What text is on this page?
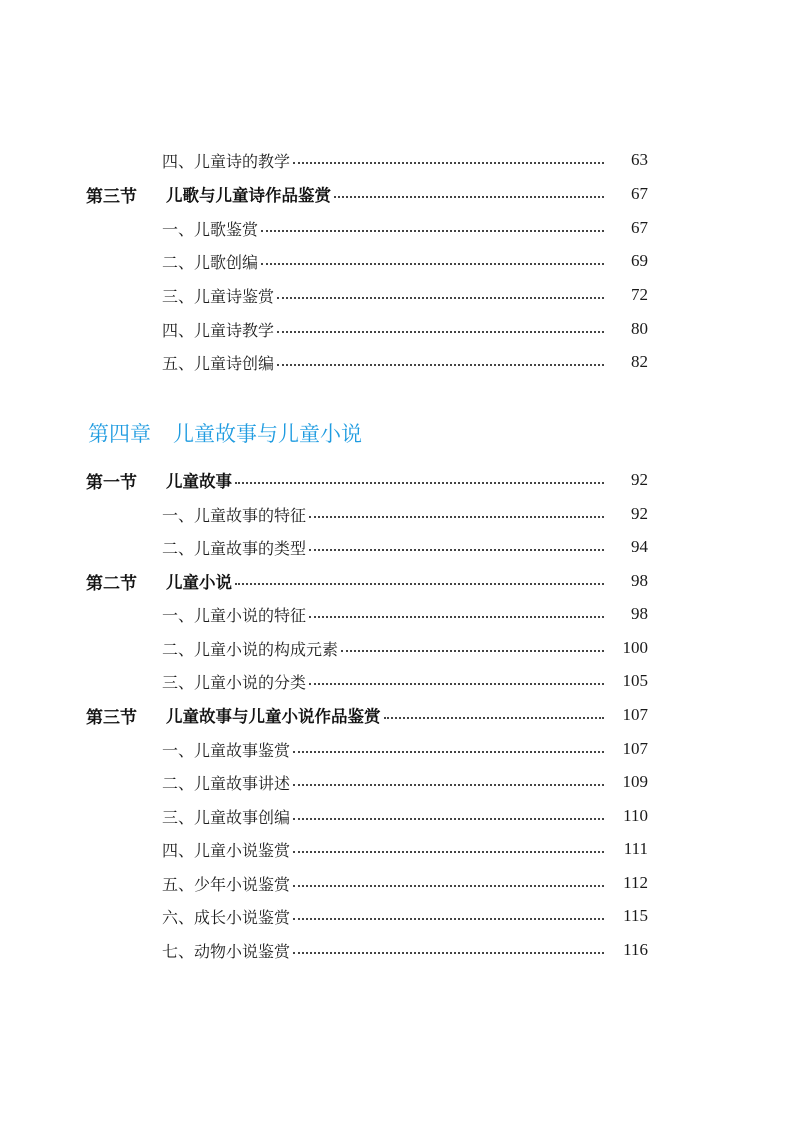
四、儿童诗的教学	63
第三节 儿歌与儿童诗作品鉴赏	67
一、儿歌鉴赏	67
二、儿歌创编	69
三、儿童诗鉴赏	72
四、儿童诗教学	80
五、儿童诗创编	82
第四章 儿童故事与儿童小说
第一节 儿童故事	92
一、儿童故事的特征	92
二、儿童故事的类型	94
第二节 儿童小说	98
一、儿童小说的特征	98
二、儿童小说的构成元素	100
三、儿童小说的分类	105
第三节 儿童故事与儿童小说作品鉴赏	107
一、儿童故事鉴赏	107
二、儿童故事讲述	109
三、儿童故事创编	110
四、儿童小说鉴赏	111
五、少年小说鉴赏	112
六、成长小说鉴赏	115
七、动物小说鉴赏	116
